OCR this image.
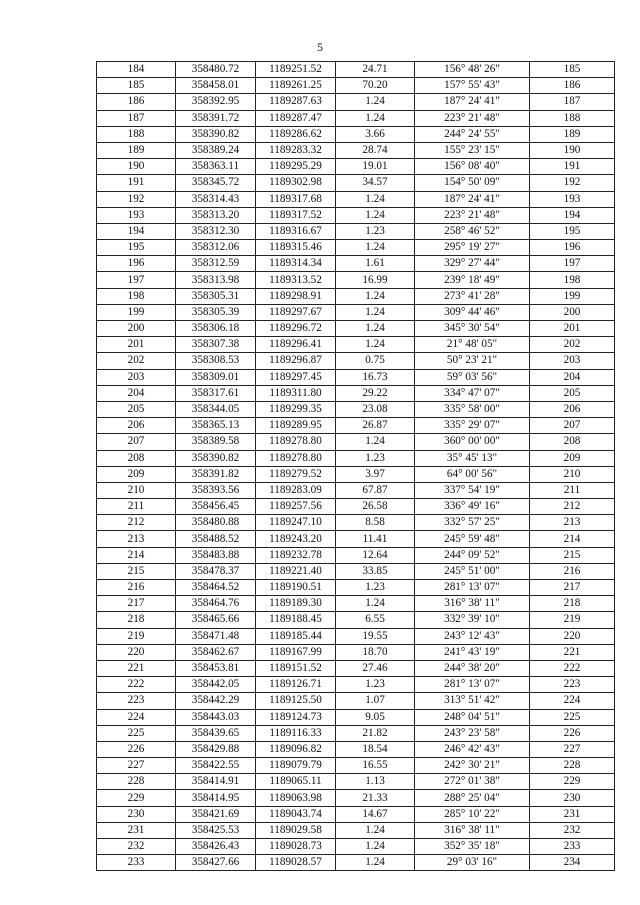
5
184	358480.72	1189251.52	24.71	156° 48' 26"	185
185	358458.01	1189261.25	70.20	157° 55' 43"	186
186	358392.95	1189287.63	1.24	187° 24' 41"	187
187	358391.72	1189287.47	1.24	223° 21' 48"	188
188	358390.82	1189286.62	3.66	244° 24' 55"	189
189	358389.24	1189283.32	28.74	155° 23' 15"	190
190	358363.11	1189295.29	19.01	156° 08' 40"	191
191	358345.72	1189302.98	34.57	154° 50' 09"	192
192	358314.43	1189317.68	1.24	187° 24' 41"	193
193	358313.20	1189317.52	1.24	223° 21' 48"	194
194	358312.30	1189316.67	1.23	258° 46' 52"	195
195	358312.06	1189315.46	1.24	295° 19' 27"	196
196	358312.59	1189314.34	1.61	329° 27' 44"	197
197	358313.98	1189313.52	16.99	239° 18' 49"	198
198	358305.31	1189298.91	1.24	273° 41' 28"	199
199	358305.39	1189297.67	1.24	309° 44' 46"	200
200	358306.18	1189296.72	1.24	345° 30' 54"	201
201	358307.38	1189296.41	1.24	21° 48' 05"	202
202	358308.53	1189296.87	0.75	50° 23' 21"	203
203	358309.01	1189297.45	16.73	59° 03' 56"	204
204	358317.61	1189311.80	29.22	334° 47' 07"	205
205	358344.05	1189299.35	23.08	335° 58' 00"	206
206	358365.13	1189289.95	26.87	335° 29' 07"	207
207	358389.58	1189278.80	1.24	360° 00' 00"	208
208	358390.82	1189278.80	1.23	35° 45' 13"	209
209	358391.82	1189279.52	3.97	64° 00' 56"	210
210	358393.56	1189283.09	67.87	337° 54' 19"	211
211	358456.45	1189257.56	26.58	336° 49' 16"	212
212	358480.88	1189247.10	8.58	332° 57' 25"	213
213	358488.52	1189243.20	11.41	245° 59' 48"	214
214	358483.88	1189232.78	12.64	244° 09' 52"	215
215	358478.37	1189221.40	33.85	245° 51' 00"	216
216	358464.52	1189190.51	1.23	281° 13' 07"	217
217	358464.76	1189189.30	1.24	316° 38' 11"	218
218	358465.66	1189188.45	6.55	332° 39' 10"	219
219	358471.48	1189185.44	19.55	243° 12' 43"	220
220	358462.67	1189167.99	18.70	241° 43' 19"	221
221	358453.81	1189151.52	27.46	244° 38' 20"	222
222	358442.05	1189126.71	1.23	281° 13' 07"	223
223	358442.29	1189125.50	1.07	313° 51' 42"	224
224	358443.03	1189124.73	9.05	248° 04' 51"	225
225	358439.65	1189116.33	21.82	243° 23' 58"	226
226	358429.88	1189096.82	18.54	246° 42' 43"	227
227	358422.55	1189079.79	16.55	242° 30' 21"	228
228	358414.91	1189065.11	1.13	272° 01' 38"	229
229	358414.95	1189063.98	21.33	288° 25' 04"	230
230	358421.69	1189043.74	14.67	285° 10' 22"	231
231	358425.53	1189029.58	1.24	316° 38' 11"	232
232	358426.43	1189028.73	1.24	352° 35' 18"	233
233	358427.66	1189028.57	1.24	29° 03' 16"	234
